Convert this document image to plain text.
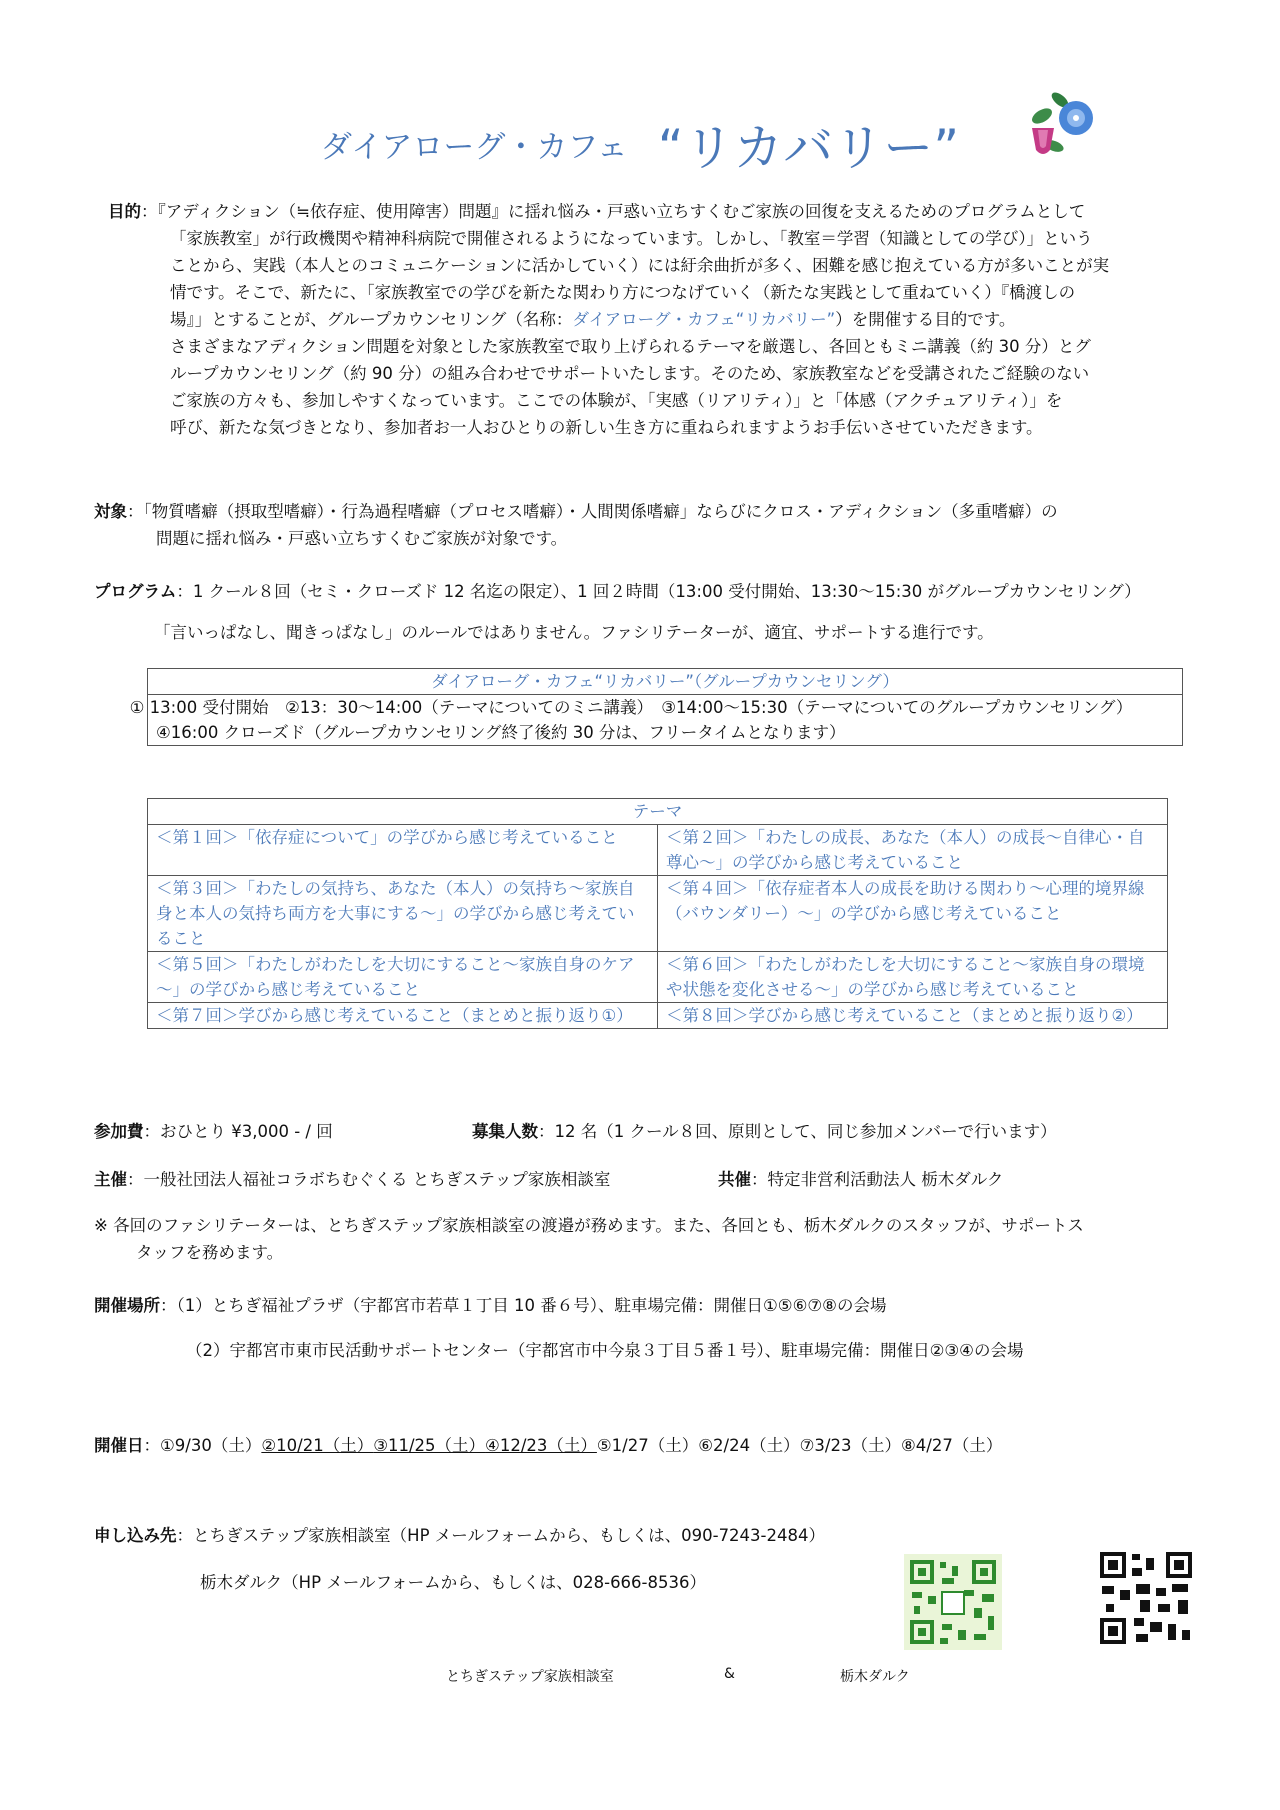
ダイアローグ・カフェ “リカバリー”
目的：『アディクション（≒依存症、使用障害）問題』に揺れ悩み・戸惑い立ちすくむご家族の回復を支えるためのプログラムとして
「家族教室」が行政機関や精神科病院で開催されるようになっています。しかし、「教室＝学習（知識としての学び）」という
ことから、実践（本人とのコミュニケーションに活かしていく）には紆余曲折が多く、困難を感じ抱えている方が多いことが実
情です。そこで、新たに、「家族教室での学びを新たな関わり方につなげていく（新たな実践として重ねていく）『橋渡しの
場』」とすることが、グループカウンセリング（名称：ダイアローグ・カフェ“リカバリー”）を開催する目的です。
さまざまなアディクション問題を対象とした家族教室で取り上げられるテーマを厳選し、各回ともミニ講義（約 30 分）とグ
ループカウンセリング（約 90 分）の組み合わせでサポートいたします。そのため、家族教室などを受講されたご経験のない
ご家族の方々も、参加しやすくなっています。ここでの体験が、「実感（リアリティ）」と「体感（アクチュアリティ）」を
呼び、新たな気づきとなり、参加者お一人おひとりの新しい生き方に重ねられますようお手伝いさせていただきます。
対象：「物質嗜癖（摂取型嗜癖）・行為過程嗜癖（プロセス嗜癖）・人間関係嗜癖」ならびにクロス・アディクション（多重嗜癖）の
問題に揺れ悩み・戸惑い立ちすくむご家族が対象です。
プログラム：1 クール８回（セミ・クローズド 12 名迄の限定）、1 回２時間（13:00 受付開始、13:30～15:30 がグループカウンセリング）
「言いっぱなし、聞きっぱなし」のルールではありません。ファシリテーターが、適宜、サポートする進行です。
ダイアローグ・カフェ“リカバリー”（グループカウンセリング）
① 13:00 受付開始　②13：30～14:00（テーマについてのミニ講義）　③14:00～15:30（テーマについてのグループカウンセリング）　④16:00 クローズド（グループカウンセリング終了後約 30 分は、フリータイムとなります）
テーマ	
＜第１回＞「依存症について」の学びから感じ考えていること	＜第２回＞「わたしの成長、あなた（本人）の成長～自律心・自尊心～」の学びから感じ考えていること
＜第３回＞「わたしの気持ち、あなた（本人）の気持ち～家族自身と本人の気持ち両方を大事にする～」の学びから感じ考えていること	＜第４回＞「依存症者本人の成長を助ける関わり～心理的境界線（バウンダリー）～」の学びから感じ考えていること
＜第５回＞「わたしがわたしを大切にすること～家族自身のケア～」の学びから感じ考えていること	＜第６回＞「わたしがわたしを大切にすること～家族自身の環境や状態を変化させる～」の学びから感じ考えていること
＜第７回＞学びから感じ考えていること（まとめと振り返り①）	＜第８回＞学びから感じ考えていること（まとめと振り返り②）
参加費：おひとり ¥3,000 - / 回	募集人数：12 名（1 クール８回、原則として、同じ参加メンバーで行います）
主催：一般社団法人福祉コラボちむぐくる とちぎステップ家族相談室	共催：特定非営利活動法人 栃木ダルク
※ 各回のファシリテーターは、とちぎステップ家族相談室の渡邉が務めます。また、各回とも、栃木ダルクのスタッフが、サポートス
タッフを務めます。
開催場所：（1）とちぎ福祉プラザ（宇都宮市若草１丁目 10 番６号）、駐車場完備：開催日①⑤⑥⑦⑧の会場
（2）宇都宮市東市民活動サポートセンター（宇都宮市中今泉３丁目５番１号）、駐車場完備：開催日②③④の会場
開催日：①9/30（土）②10/21（土）③11/25（土）④12/23（土）⑤1/27（土）⑥2/24（土）⑦3/23（土）⑧4/27（土）
申し込み先：とちぎステップ家族相談室（HP メールフォームから、もしくは、090-7243-2484）
栃木ダルク（HP メールフォームから、もしくは、028-666-8536）
とちぎステップ家族相談室	&	栃木ダルク
